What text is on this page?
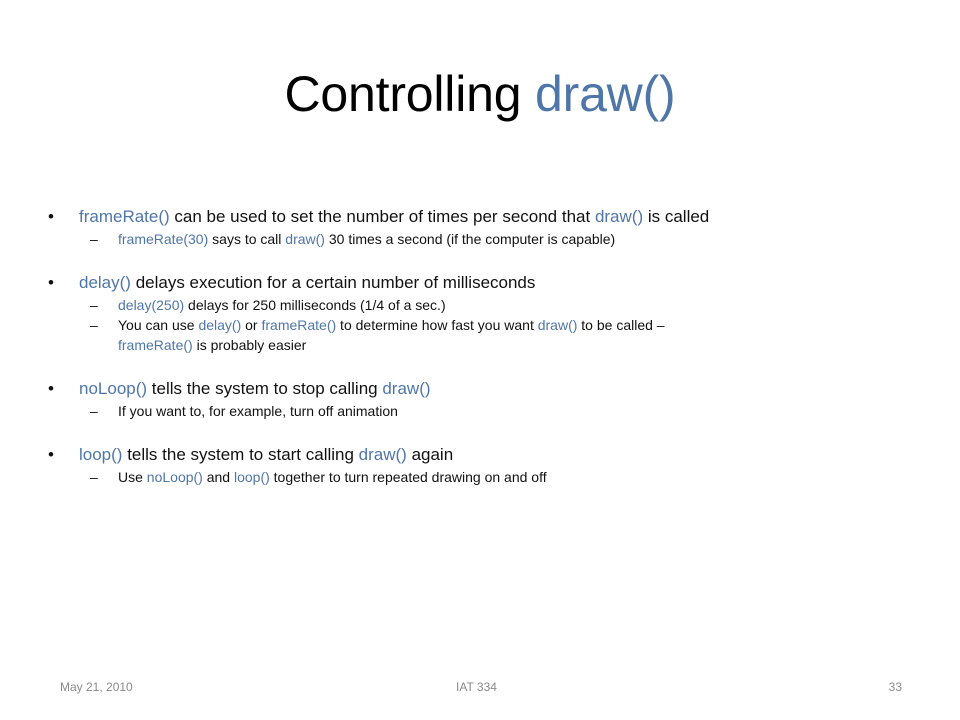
Controlling draw()

• frameRate() can be used to set the number of times per second that draw() is called

– frameRate(30) says to call draw() 30 times a second (if the computer is capable)

• delay() delays execution for a certain number of milliseconds

– delay(250) delays for 250 milliseconds (1/4 of a sec.)

– You can use delay() or frameRate() to determine how fast you want draw() to be called –
frameRate() is probably easier

• noLoop() tells the system to stop calling draw()

– If you want to, for example, turn off animation

• loop() tells the system to start calling draw() again

– Use noLoop() and loop() together to turn repeated drawing on and off

May 21, 2010	IAT 334	33
